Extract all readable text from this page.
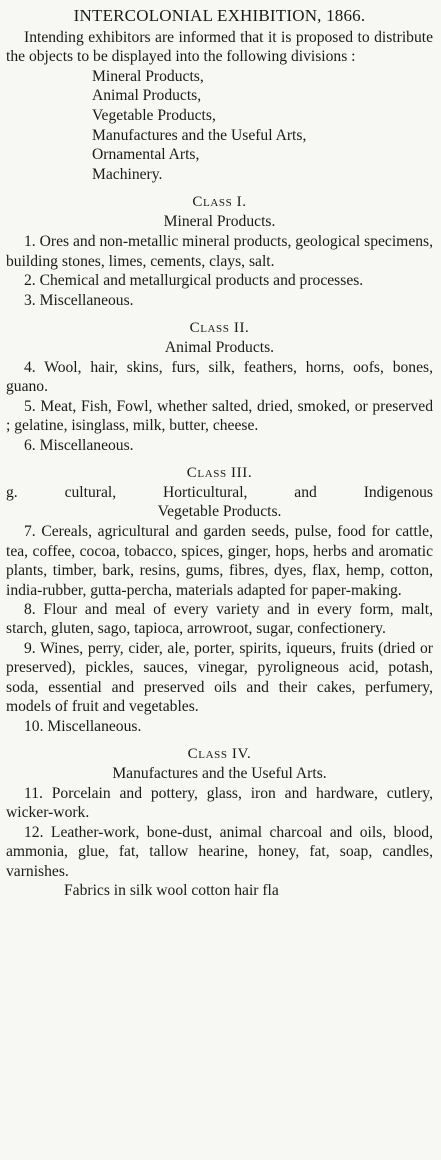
INTERCOLONIAL EXHIBITION, 1866.

Intending exhibitors are informed that it is proposed to distribute the objects to be displayed into the following divisions :

Mineral Products,
Animal Products,
Vegetable Products,
Manufactures and the Useful Arts,
Ornamental Arts,
Machinery.

Class I.

Mineral Products.

1. Ores and non-metallic mineral products, geological specimens, building stones, limes, cements, clays, salt.

2. Chemical and metallurgical products and processes.

3. Miscellaneous.

Class II.

Animal Products.

4. Wool, hair, skins, furs, silk, feathers, horns, oofs, bones, guano.

5. Meat, Fish, Fowl, whether salted, dried, smoked, or preserved ; gelatine, isinglass, milk, butter, cheese.

6. Miscellaneous.

Class III.

g. cultural, Horticultural, and Indigenous

Vegetable Products.

7. Cereals, agricultural and garden seeds, pulse, food for cattle, tea, coffee, cocoa, tobacco, spices, ginger, hops, herbs and aromatic plants, timber, bark, resins, gums, fibres, dyes, flax, hemp, cotton, india-rubber, gutta-percha, materials adapted for paper-making.

8. Flour and meal of every variety and in every form, malt, starch, gluten, sago, tapioca, arrowroot, sugar, confectionery.

9. Wines, perry, cider, ale, porter, spirits, iqueurs, fruits (dried or preserved), pickles, sauces, vinegar, pyroligneous acid, potash, soda, essential and preserved oils and their cakes, perfumery, models of fruit and vegetables.

10. Miscellaneous.

Class IV.

Manufactures and the Useful Arts.

11. Porcelain and pottery, glass, iron and hardware, cutlery, wicker-work.

12. Leather-work, bone-dust, animal charcoal and oils, blood, ammonia, glue, fat, tallow hearine, honey, fat, soap, candles, varnishes.

Fabrics in silk wool cotton hair fla
